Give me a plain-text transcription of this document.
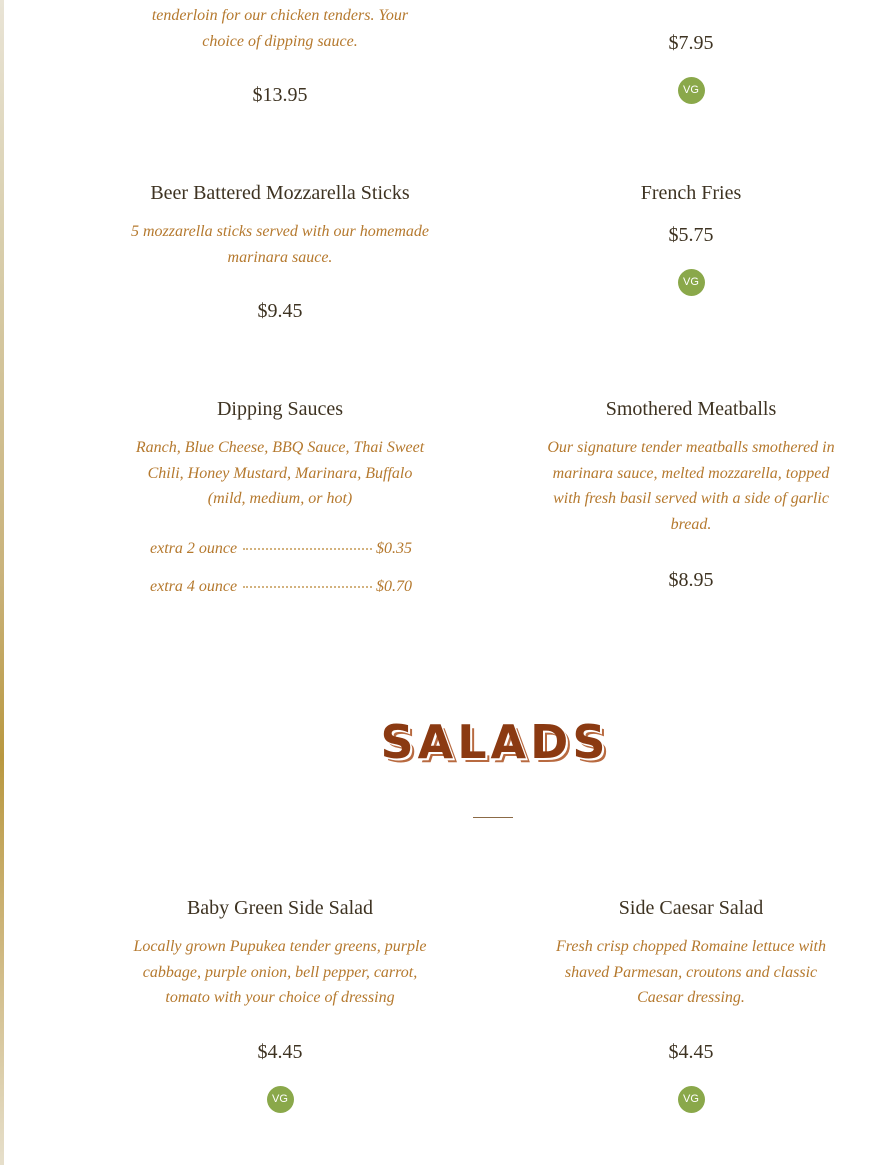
tenderloin for our chicken tenders. Your choice of dipping sauce.
$13.95
$7.95
VG
Beer Battered Mozzarella Sticks
5 mozzarella sticks served with our homemade marinara sauce.
$9.45
French Fries
$5.75
VG
Dipping Sauces
Ranch, Blue Cheese, BBQ Sauce, Thai Sweet Chili, Honey Mustard, Marinara, Buffalo (mild, medium, or hot)
extra 2 ounce	$0.35
extra 4 ounce	$0.70
Smothered Meatballs
Our signature tender meatballs smothered in marinara sauce, melted mozzarella, topped with fresh basil served with a side of garlic bread.
$8.95
SALADS
Baby Green Side Salad
Locally grown Pupukea tender greens, purple cabbage, purple onion, bell pepper, carrot, tomato with your choice of dressing
$4.45
VG
Side Caesar Salad
Fresh crisp chopped Romaine lettuce with shaved Parmesan, croutons and classic Caesar dressing.
$4.45
VG
